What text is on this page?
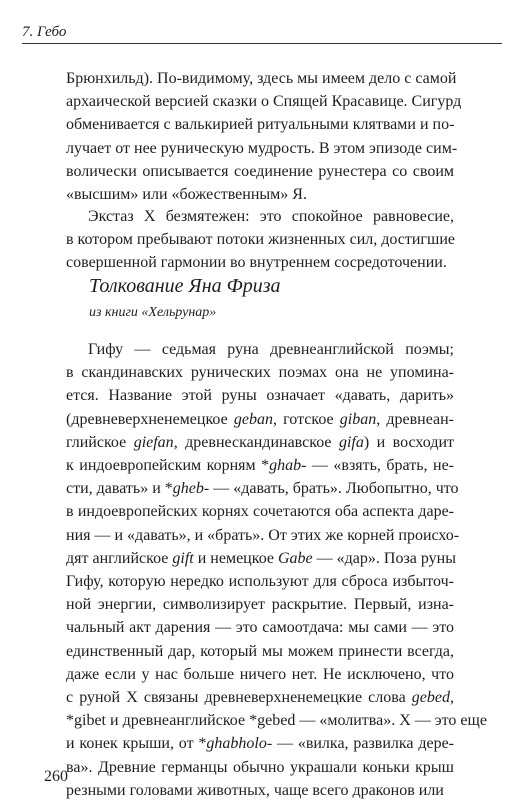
7. Гебо
Брюнхильд). По-видимому, здесь мы имеем дело с самой
архаической версией сказки о Спящей Красавице. Сигурд
обменивается с валькирией ритуальными клятвами и по-
лучает от нее руническую мудрость. В этом эпизоде сим-
волически описывается соединение рунестера со своим
«высшим» или «божественным» Я.
Экстаз Х безмятежен: это спокойное равновесие,
в котором пребывают потоки жизненных сил, достигшие
совершенной гармонии во внутреннем сосредоточении.
Толкование Яна Фриза
из книги «Хельрунар»
Гифу — седьмая руна древнеанглийской поэмы;
в скандинавских рунических поэмах она не упомина-
ется. Название этой руны означает «давать, дарить»
(древневерхненемецкое geban, готское giban, древнеан-
глийское giefan, древнескандинавское gifa) и восходит
к индоевропейским корням *ghab- — «взять, брать, не-
сти, давать» и *gheb- — «давать, брать». Любопытно, что
в индоевропейских корнях сочетаются оба аспекта даре-
ния — и «давать», и «брать». От этих же корней происхо-
дят английское gift и немецкое Gabe — «дар». Поза руны
Гифу, которую нередко используют для сброса избыточ-
ной энергии, символизирует раскрытие. Первый, изна-
чальный акт дарения — это самоотдача: мы сами — это
единственный дар, который мы можем принести всегда,
даже если у нас больше ничего нет. Не исключено, что
с руной Х связаны древневерхненемецкие слова gebed,
*gibet и древнеанглийское *gebed — «молитва». Х — это еще
и конек крыши, от *ghabholo- — «вилка, развилка дере-
ва». Древние германцы обычно украшали коньки крыш
резными головами животных, чаще всего драконов или
260
